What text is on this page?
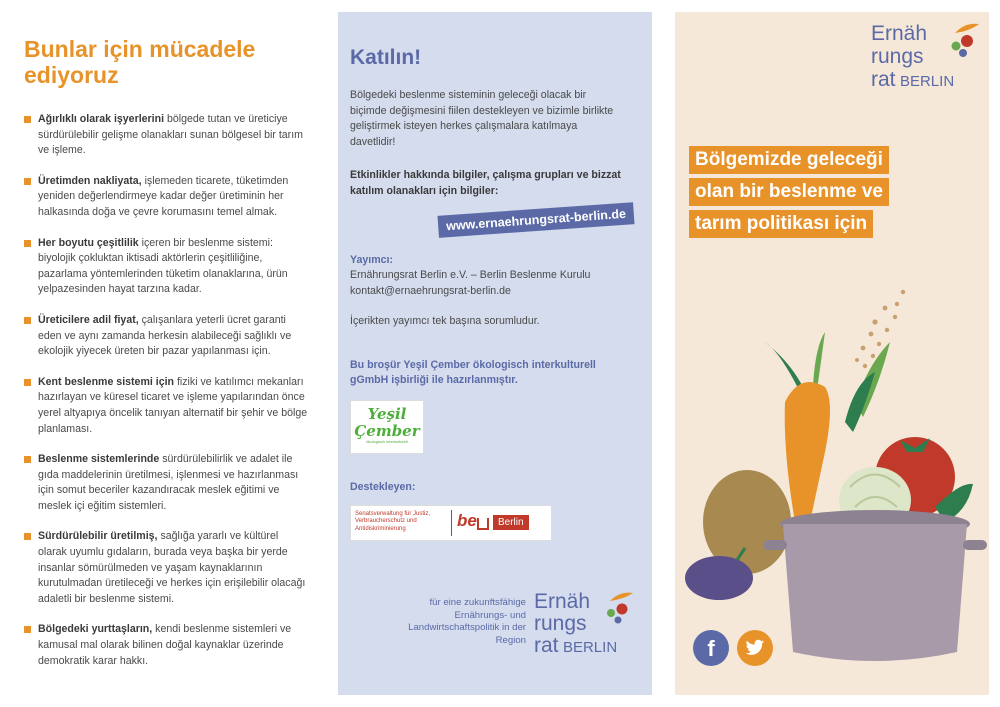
Bunlar için mücadele
ediyoruz
Ağırlıklı olarak işyerlerini bölgede tutan ve üreticiye sürdürülebilir gelişme olanakları sunan bölgesel bir tarım ve işleme.
Üretimden nakliyata, işlemeden ticarete, tüketimden yeniden değerlendirmeye kadar değer üretiminin her halkasında doğa ve çevre korumasını temel almak.
Her boyutu çeşitlilik içeren bir beslenme sistemi: biyolojik çokluktan iktisadi aktörlerin çeşitliliğine, pazarlama yöntemlerinden tüketim olanaklarına, ürün yelpazesinden hayat tarzına kadar.
Üreticilere adil fiyat, çalışanlara yeterli ücret garanti eden ve aynı zamanda herkesin alabileceği sağlıklı ve ekolojik yiyecek üreten bir pazar yapılanması için.
Kent beslenme sistemi için fiziki ve katılımcı mekanları hazırlayan ve küresel ticaret ve işleme yapılarından önce yerel altyapıya öncelik tanıyan alternatif bir şehir ve bölge planlaması.
Beslenme sistemlerinde sürdürülebilirlik ve adalet ile gıda maddelerinin üretilmesi, işlenmesi ve hazırlanması için somut beceriler kazandıracak meslek eğitimi ve meslek içi eğitim sistemleri.
Sürdürülebilir üretilmiş, sağlığa yararlı ve kültürel olarak uyumlu gıdaların, burada veya başka bir yerde insanlar sömürülmeden ve yaşam kaynaklarının kurutulmadan üretileceği ve herkes için erişilebilir olacağı adaletli bir beslenme sistemi.
Bölgedeki yurttaşların, kendi beslenme sistemleri ve kamusal mal olarak bilinen doğal kaynaklar üzerinde demokratik karar hakkı.
Katılın!
Bölgedeki beslenme sisteminin geleceği olacak bir biçimde değişmesini fiilen destekleyen ve bizimle birlikte geliştirmek isteyen herkes çalışmalara katılmaya davetlidir!
Etkinlikler hakkında bilgiler, çalışma grupları ve bizzat katılım olanakları için bilgiler:
www.ernaehrungsrat-berlin.de
Yayımcı:
Ernährungsrat Berlin e.V. – Berlin Beslenme Kurulu
kontakt@ernaehrungsrat-berlin.de
İçerikten yayımcı tek başına sorumludur.
Bu broşür Yeşil Çember ökologisch interkulturell gGmbH işbirliği ile hazırlanmıştır.
Yeşil
Çember
ökologisch interkulturell
Destekleyen:
Senatsverwaltung für Justiz, Verbraucherschutz und Antidiskriminierung	be	Berlin
für eine zukunftsfähige Ernährungs- und Landwirtschaftspolitik in der Region
Ernäh
rungs
rat BERLIN
Ernäh
rungs
rat BERLIN
Bölgemizde geleceği
olan bir beslenme ve
tarım politikası için
f
